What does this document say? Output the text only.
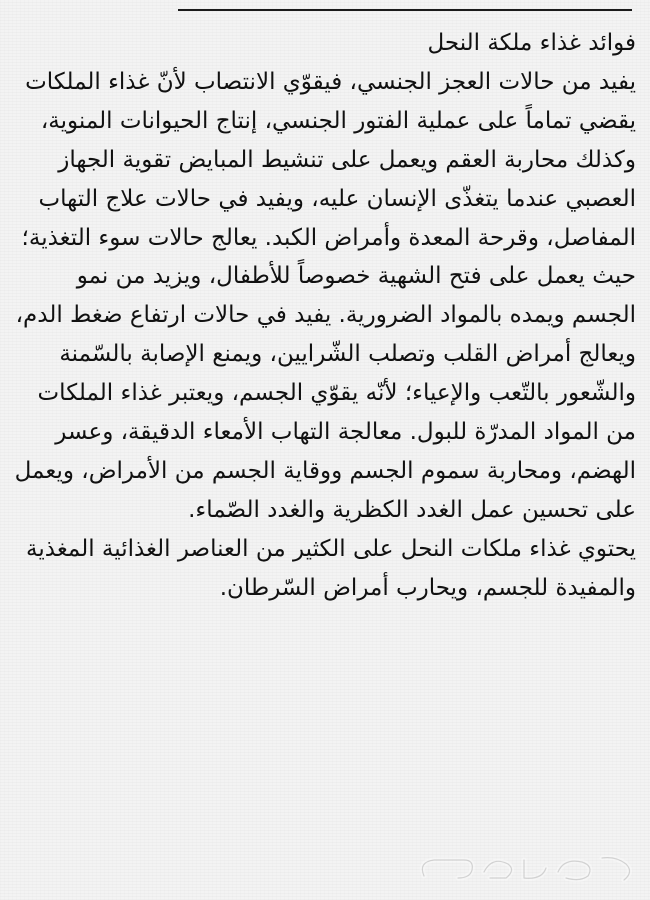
فوائد غذاء ملكة النحل

يفيد من حالات العجز الجنسي، فيقوّي الانتصاب لأنّ غذاء الملكات يقضي تماماً على عملية الفتور الجنسي، إنتاج الحيوانات المنوية، وكذلك محاربة العقم ويعمل على تنشيط المبايض تقوية الجهاز العصبي عندما يتغذّى الإنسان عليه، ويفيد في حالات علاج التهاب المفاصل، وقرحة المعدة وأمراض الكبد. يعالج حالات سوء التغذية؛ حيث يعمل على فتح الشهية خصوصاً للأطفال، ويزيد من نمو الجسم ويمده بالمواد الضرورية. يفيد في حالات ارتفاع ضغط الدم، ويعالج أمراض القلب وتصلب الشّرايين، ويمنع الإصابة بالسّمنة والشّعور بالتّعب والإعياء؛ لأنّه يقوّي الجسم، ويعتبر غذاء الملكات من المواد المدرّة للبول. معالجة التهاب الأمعاء الدقيقة، وعسر الهضم، ومحاربة سموم الجسم ووقاية الجسم من الأمراض، ويعمل على تحسين عمل الغدد الكظرية والغدد الصّماء.

يحتوي غذاء ملكات النحل على الكثير من العناصر الغذائية المغذية والمفيدة للجسم، ويحارب أمراض السّرطان.
